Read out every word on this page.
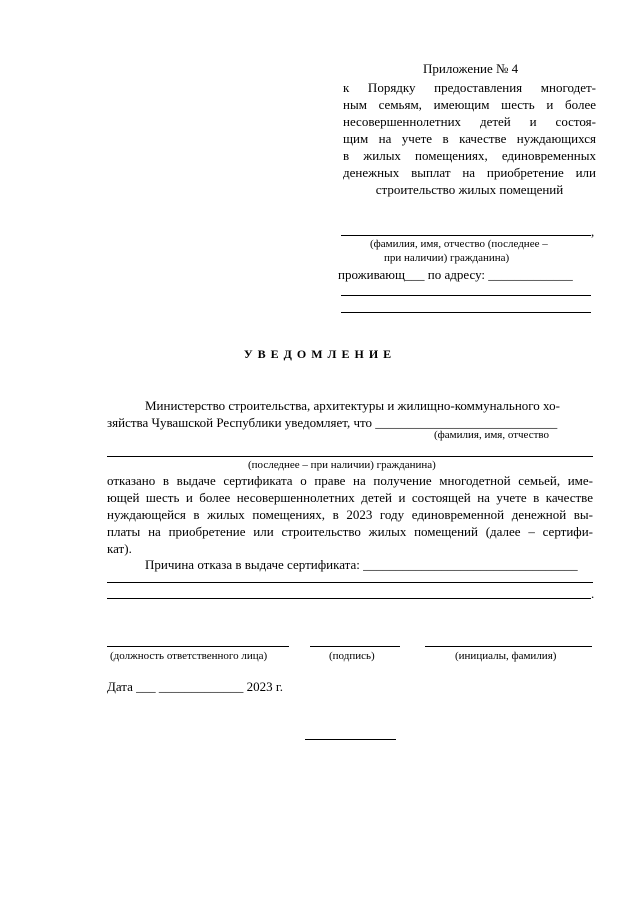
Приложение № 4
к Порядку предоставления многодет-
ным семьям, имеющим шесть и более
несовершеннолетних детей и состоя-
щим на учете в качестве нуждающихся
в жилых помещениях, единовременных
денежных выплат на приобретение или
строительство жилых помещений
,
(фамилия, имя, отчество (последнее –
при наличии) гражданина)
проживающ___ по адресу: _____________
УВЕДОМЛЕНИЕ
Министерство строительства, архитектуры и жилищно-коммунального хо-
зяйства Чувашской Республики уведомляет, что ____________________________
(фамилия, имя, отчество
(последнее – при наличии) гражданина)
отказано в выдаче сертификата о праве на получение многодетной семьей, име-
ющей шесть и более несовершеннолетних детей и состоящей на учете в качестве
нуждающейся в жилых помещениях, в 2023 году единовременной денежной вы-
платы на приобретение или строительство жилых помещений (далее – сертифи-
кат).
Причина отказа в выдаче сертификата: _________________________________
.
(должность ответственного лица)	(подпись)	(инициалы, фамилия)
Дата ___ _____________ 2023 г.
